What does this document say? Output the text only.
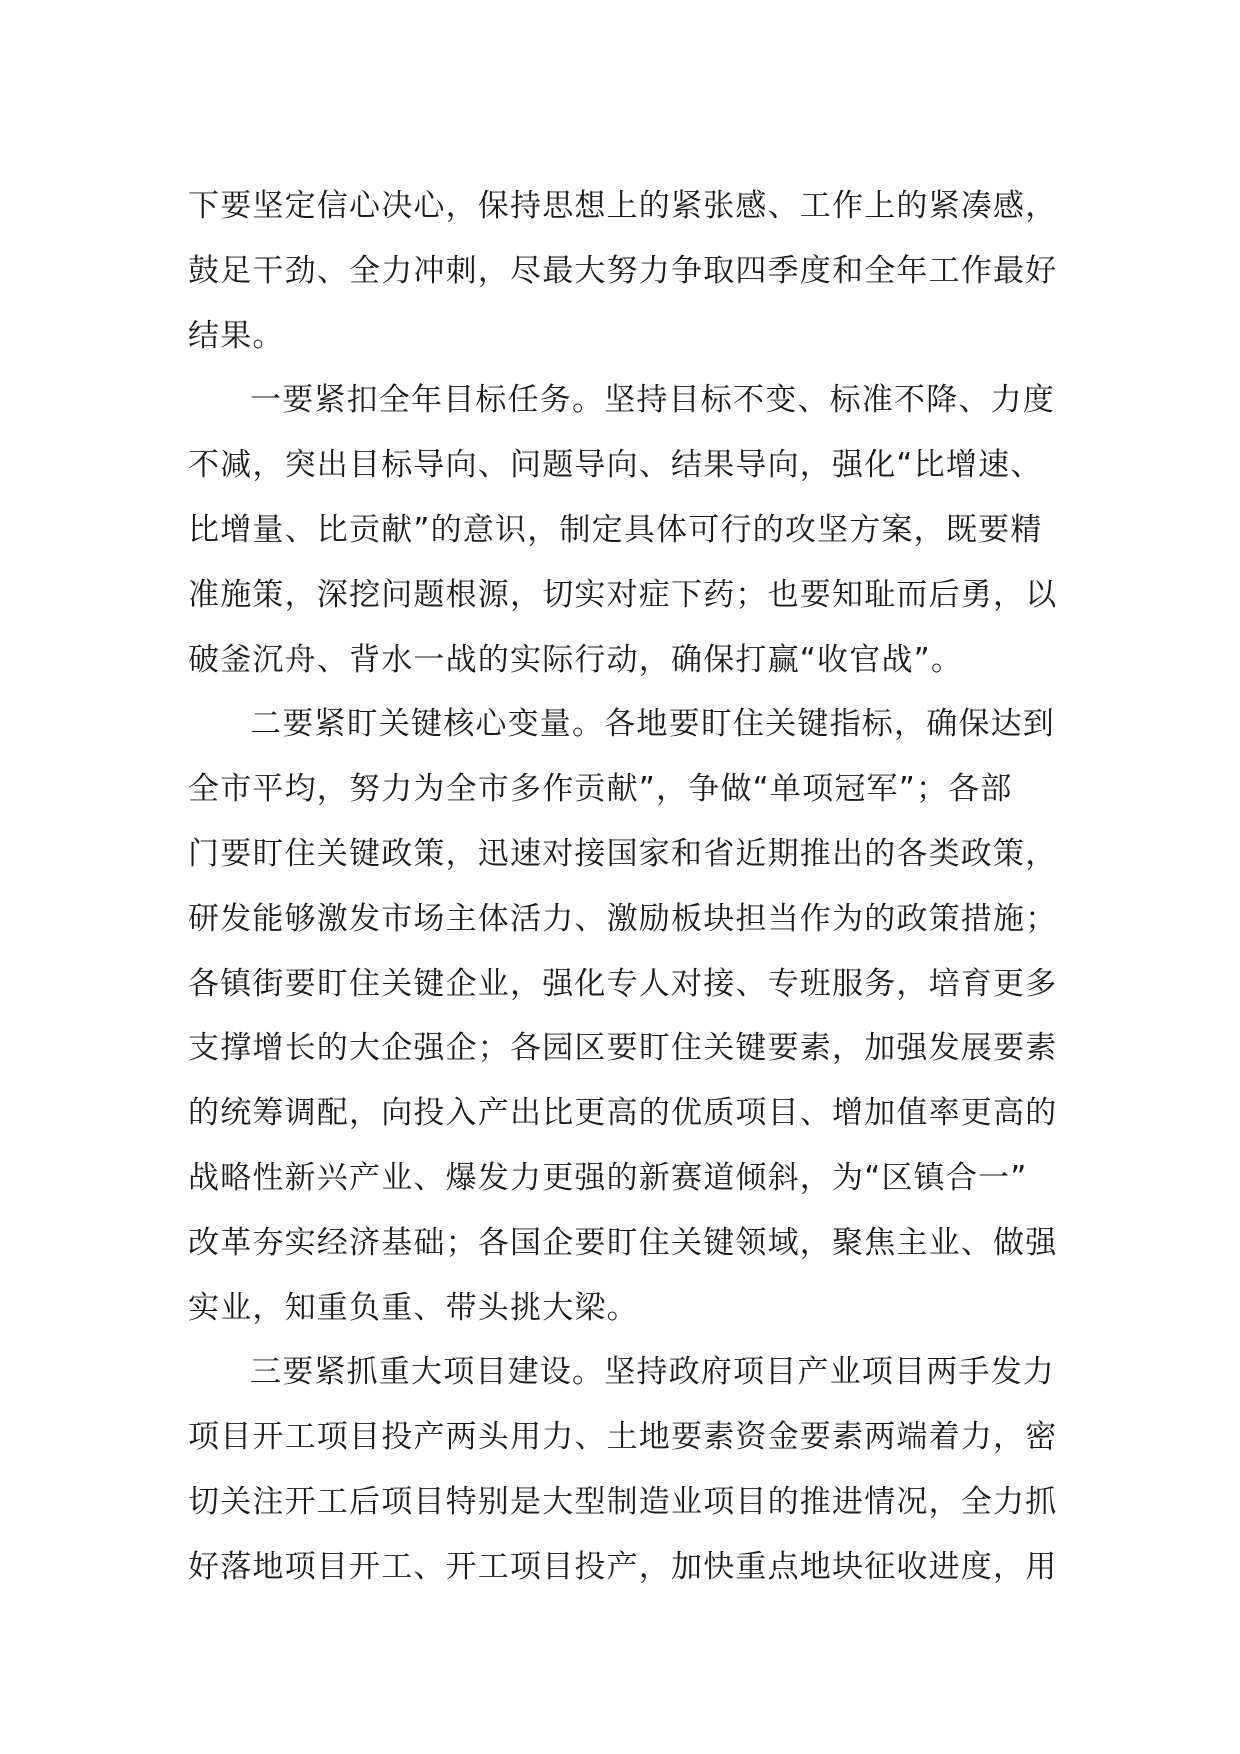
下要坚定信心决心，保持思想上的紧张感、工作上的紧凑感，
鼓足干劲、全力冲刺，尽最大努力争取四季度和全年工作最好
结果。

一要紧扣全年目标任务。坚持目标不变、标准不降、力度
不减，突出目标导向、问题导向、结果导向，强化“比增速、
比增量、比贡献”的意识，制定具体可行的攻坚方案，既要精
准施策，深挖问题根源，切实对症下药；也要知耻而后勇，以
破釜沉舟、背水一战的实际行动，确保打赢“收官战”。

二要紧盯关键核心变量。各地要盯住关键指标，确保达到
全市平均，努力为全市多作贡献”，争做“单项冠军”；各部
门要盯住关键政策，迅速对接国家和省近期推出的各类政策，
研发能够激发市场主体活力、激励板块担当作为的政策措施；
各镇街要盯住关键企业，强化专人对接、专班服务，培育更多
支撑增长的大企强企；各园区要盯住关键要素，加强发展要素
的统筹调配，向投入产出比更高的优质项目、增加值率更高的
战略性新兴产业、爆发力更强的新赛道倾斜，为“区镇合一”
改革夯实经济基础；各国企要盯住关键领域，聚焦主业、做强
实业，知重负重、带头挑大梁。

三要紧抓重大项目建设。坚持政府项目产业项目两手发力
项目开工项目投产两头用力、土地要素资金要素两端着力，密
切关注开工后项目特别是大型制造业项目的推进情况，全力抓
好落地项目开工、开工项目投产，加快重点地块征收进度，用
